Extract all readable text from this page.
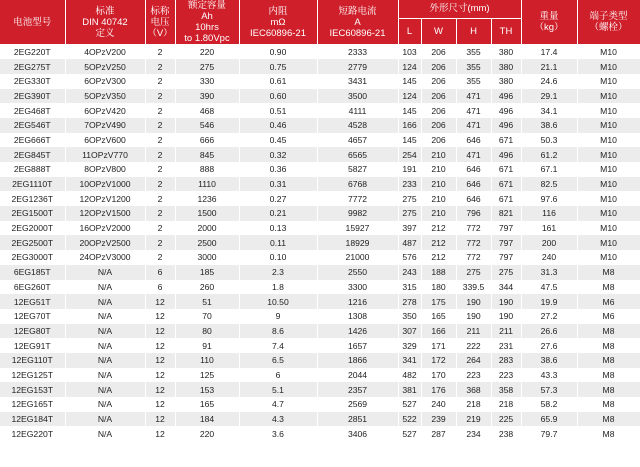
电池型号	标准
DIN 40742
定义	标称
电压
（V）	额定容量
Ah
10hrs
to 1.80Vpc	内阻
mΩ
IEC60896-21	短路电流
A
IEC60896-21	外形尺寸(mm)				重量
（kg）	端子类型
（螺栓）
						L	W	H	TH		
2EG220T	4OPzV200	2	220	0.90	2333	103	206	355	380	17.4	M10
2EG275T	5OPzV250	2	275	0.75	2779	124	206	355	380	21.1	M10
2EG330T	6OPzV300	2	330	0.61	3431	145	206	355	380	24.6	M10
2EG390T	5OPzV350	2	390	0.60	3500	124	206	471	496	29.1	M10
2EG468T	6OPzV420	2	468	0.51	4111	145	206	471	496	34.1	M10
2EG546T	7OPzV490	2	546	0.46	4528	166	206	471	496	38.6	M10
2EG666T	6OPzV600	2	666	0.45	4657	145	206	646	671	50.3	M10
2EG845T	11OPzV770	2	845	0.32	6565	254	210	471	496	61.2	M10
2EG888T	8OPzV800	2	888	0.36	5827	191	210	646	671	67.1	M10
2EG1110T	10OPzV1000	2	1110	0.31	6768	233	210	646	671	82.5	M10
2EG1236T	12OPzV1200	2	1236	0.27	7772	275	210	646	671	97.6	M10
2EG1500T	12OPzV1500	2	1500	0.21	9982	275	210	796	821	116	M10
2EG2000T	16OPzV2000	2	2000	0.13	15927	397	212	772	797	161	M10
2EG2500T	20OPzV2500	2	2500	0.11	18929	487	212	772	797	200	M10
2EG3000T	24OPzV3000	2	3000	0.10	21000	576	212	772	797	240	M10
6EG185T	N/A	6	185	2.3	2550	243	188	275	275	31.3	M8
6EG260T	N/A	6	260	1.8	3300	315	180	339.5	344	47.5	M8
12EG51T	N/A	12	51	10.50	1216	278	175	190	190	19.9	M6
12EG70T	N/A	12	70	9	1308	350	165	190	190	27.2	M6
12EG80T	N/A	12	80	8.6	1426	307	166	211	211	26.6	M8
12EG91T	N/A	12	91	7.4	1657	329	171	222	231	27.6	M8
12EG110T	N/A	12	110	6.5	1866	341	172	264	283	38.6	M8
12EG125T	N/A	12	125	6	2044	482	170	223	223	43.3	M8
12EG153T	N/A	12	153	5.1	2357	381	176	368	358	57.3	M8
12EG165T	N/A	12	165	4.7	2569	527	240	218	218	58.2	M8
12EG184T	N/A	12	184	4.3	2851	522	239	219	225	65.9	M8
12EG220T	N/A	12	220	3.6	3406	527	287	234	238	79.7	M8
